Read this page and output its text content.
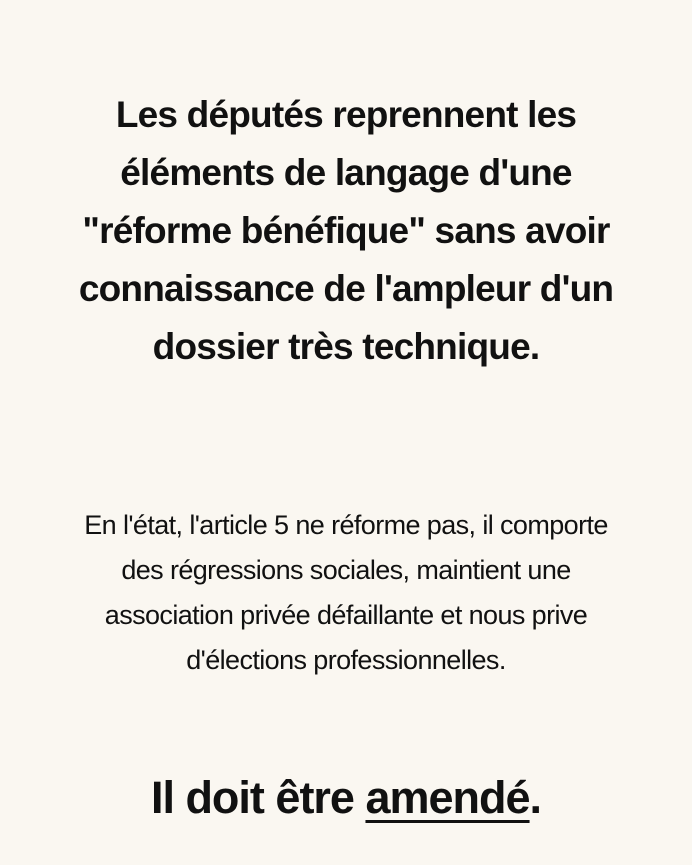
Les députés reprennent les éléments de langage d'une "réforme bénéfique" sans avoir connaissance de l'ampleur d'un dossier très technique.

En l'état, l'article 5 ne réforme pas, il comporte des régressions sociales, maintient une association privée défaillante et nous prive d'élections professionnelles.

Il doit être amendé.
